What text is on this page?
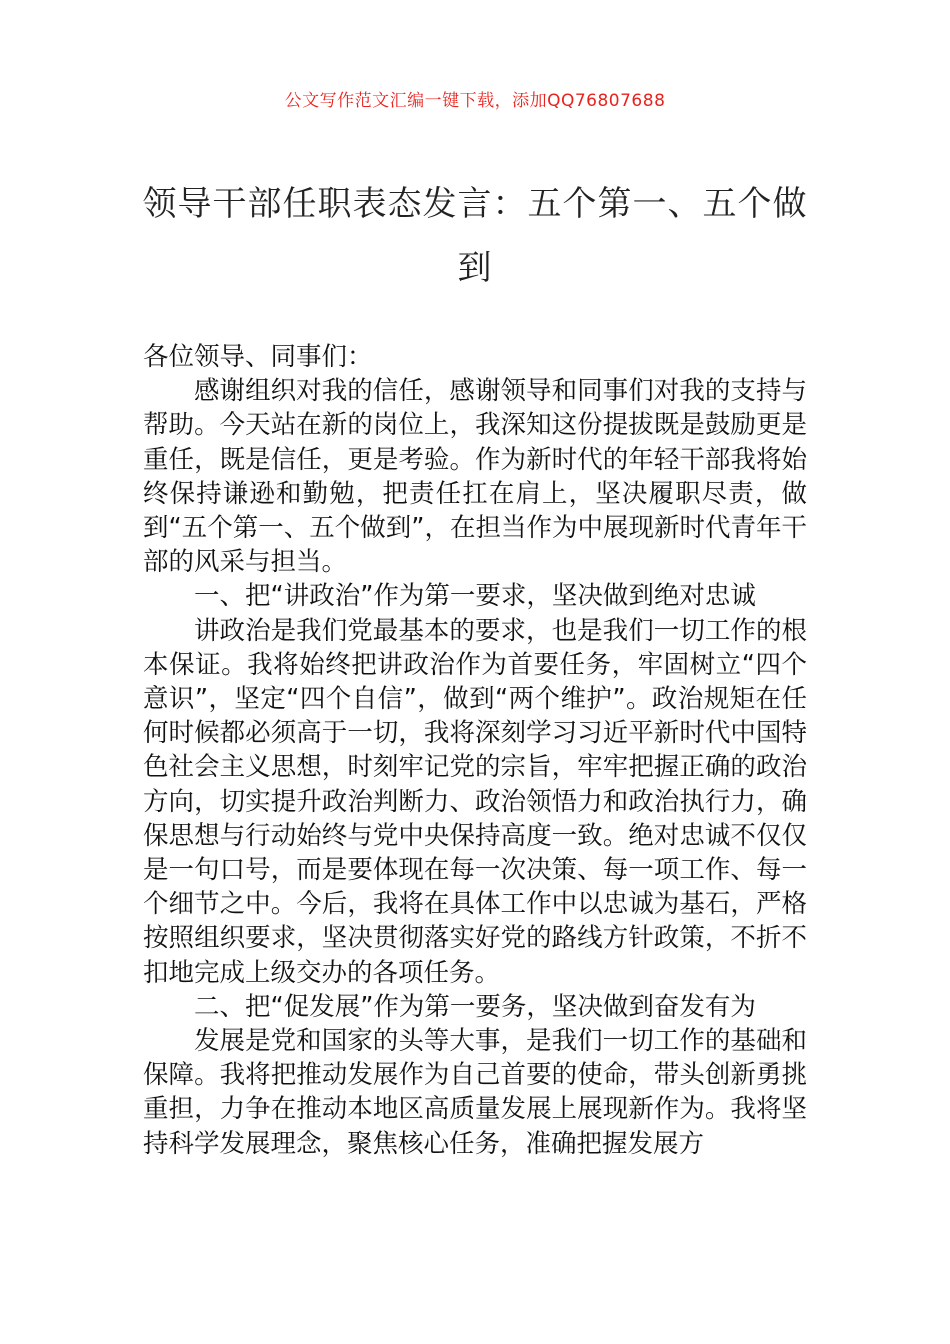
公文写作范文汇编一键下载，添加QQ76807688
领导干部任职表态发言：五个第一、五个做到

各位领导、同事们：

感谢组织对我的信任，感谢领导和同事们对我的支持与帮助。今天站在新的岗位上，我深知这份提拔既是鼓励更是重任，既是信任，更是考验。作为新时代的年轻干部我将始终保持谦逊和勤勉，把责任扛在肩上，坚决履职尽责，做到“五个第一、五个做到”，在担当作为中展现新时代青年干部的风采与担当。

一、把“讲政治”作为第一要求，坚决做到绝对忠诚

讲政治是我们党最基本的要求，也是我们一切工作的根本保证。我将始终把讲政治作为首要任务，牢固树立“四个意识”，坚定“四个自信”，做到“两个维护”。政治规矩在任何时候都必须高于一切，我将深刻学习习近平新时代中国特色社会主义思想，时刻牢记党的宗旨，牢牢把握正确的政治方向，切实提升政治判断力、政治领悟力和政治执行力，确保思想与行动始终与党中央保持高度一致。绝对忠诚不仅仅是一句口号，而是要体现在每一次决策、每一项工作、每一个细节之中。今后，我将在具体工作中以忠诚为基石，严格按照组织要求，坚决贯彻落实好党的路线方针政策，不折不扣地完成上级交办的各项任务。

二、把“促发展”作为第一要务，坚决做到奋发有为

发展是党和国家的头等大事，是我们一切工作的基础和保障。我将把推动发展作为自己首要的使命，带头创新勇挑重担，力争在推动本地区高质量发展上展现新作为。我将坚持科学发展理念，聚焦核心任务，准确把握发展方
